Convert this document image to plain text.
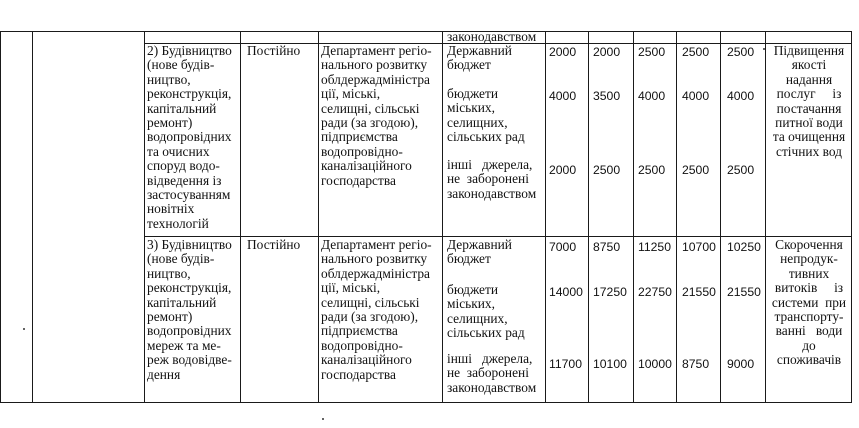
законодавством
2) Будівництво
(нове будів-
ництво,
реконструкція,
капітальний
ремонт)
водопровідних
та очисних
споруд водо-
відведення із
застосуванням
новітніх
технологій
Постійно Департамент регіо-
нального розвитку
облдержадміністра
ції, міські,
селищні, сільські
ради (за згодою),
підприємства
водопровідно-
каналізаційного
господарства
Державний
бюджет
бюджети
міських,
селищних,
сільських рад
інші   джерела,
не  заборонені
законодавством
2000 2000 2500 2500 2500
4000 3500 4000 4000 4000
2000 2500 2500 2500 2500
Підвищення
якості
надання
послуг     із
постачання
питної води
та очищення
стічних вод
3) Будівництво
(нове будів-
ництво,
реконструкція,
капітальний
ремонт)
водопровідних
мереж та ме-
реж водовідве-
дення
Постійно Департамент регіо-
нального розвитку
облдержадміністра
ції, міські,
селищні, сільські
ради (за згодою),
підприємства
водопровідно-
каналізаційного
господарства
Державний
бюджет
бюджети
міських,
селищних,
сільських рад
інші   джерела,
не  заборонені
законодавством
7000 8750 11250 10700 10250
14000 17250 22750 21550 21550
11700 10100 10000 8750 9000
Скорочення
непродук-
тивних
витоків     із
системи  при
транспорту-
ванні   води
до
споживачів
